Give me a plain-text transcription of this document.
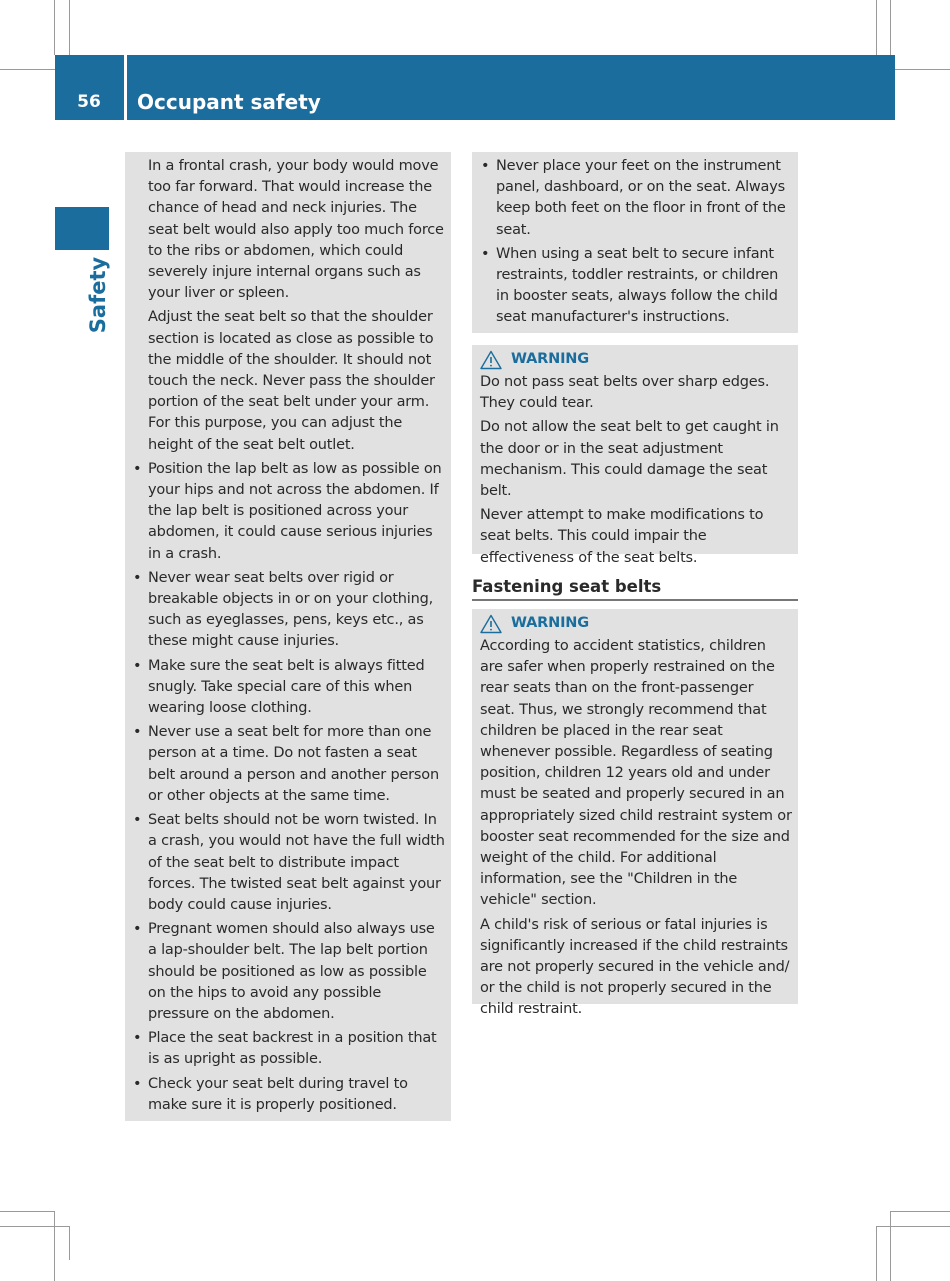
56	Occupant safety
Safety

In a frontal crash, your body would move too far forward. That would increase the chance of head and neck injuries. The seat belt would also apply too much force to the ribs or abdomen, which could severely injure internal organs such as your liver or spleen.

Adjust the seat belt so that the shoulder section is located as close as possible to the middle of the shoulder. It should not touch the neck. Never pass the shoulder portion of the seat belt under your arm. For this purpose, you can adjust the height of the seat belt outlet.

• Position the lap belt as low as possible on your hips and not across the abdomen. If the lap belt is positioned across your abdomen, it could cause serious injuries in a crash.

• Never wear seat belts over rigid or breakable objects in or on your clothing, such as eyeglasses, pens, keys etc., as these might cause injuries.

• Make sure the seat belt is always fitted snugly. Take special care of this when wearing loose clothing.

• Never use a seat belt for more than one person at a time. Do not fasten a seat belt around a person and another person or other objects at the same time.

• Seat belts should not be worn twisted. In a crash, you would not have the full width of the seat belt to distribute impact forces. The twisted seat belt against your body could cause injuries.

• Pregnant women should also always use a lap-shoulder belt. The lap belt portion should be positioned as low as possible on the hips to avoid any possible pressure on the abdomen.

• Place the seat backrest in a position that is as upright as possible.

• Check your seat belt during travel to make sure it is properly positioned.

• Never place your feet on the instrument panel, dashboard, or on the seat. Always keep both feet on the floor in front of the seat.

• When using a seat belt to secure infant restraints, toddler restraints, or children in booster seats, always follow the child seat manufacturer's instructions.

WARNING

Do not pass seat belts over sharp edges. They could tear.

Do not allow the seat belt to get caught in the door or in the seat adjustment mechanism. This could damage the seat belt.

Never attempt to make modifications to seat belts. This could impair the effectiveness of the seat belts.

Fastening seat belts
WARNING

According to accident statistics, children are safer when properly restrained on the rear seats than on the front-passenger seat. Thus, we strongly recommend that children be placed in the rear seat whenever possible. Regardless of seating position, children 12 years old and under must be seated and properly secured in an appropriately sized child restraint system or booster seat recommended for the size and weight of the child. For additional information, see the "Children in the vehicle" section.

A child's risk of serious or fatal injuries is significantly increased if the child restraints are not properly secured in the vehicle and/ or the child is not properly secured in the child restraint.
